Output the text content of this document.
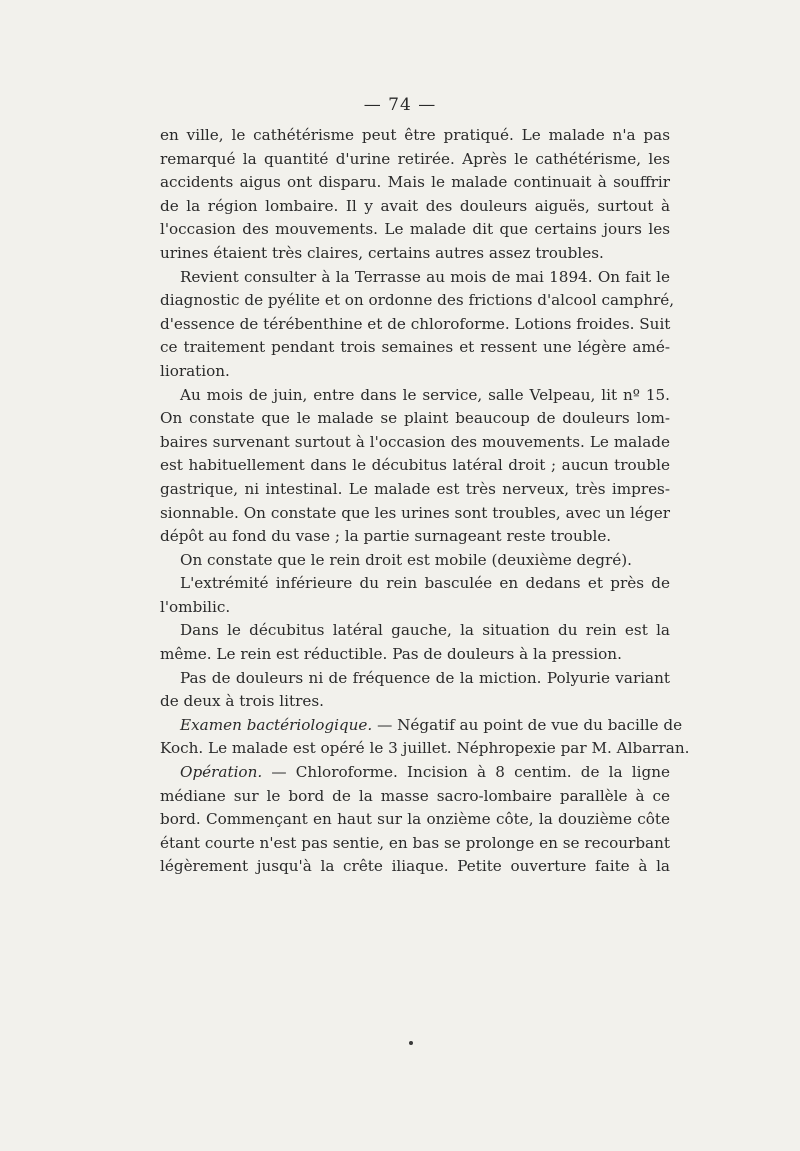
— 74 —
en ville, le cathétérisme peut être pratiqué. Le malade n'a pas
remarqué la quantité d'urine retirée. Après le cathétérisme, les
accidents aigus ont disparu. Mais le malade continuait à souffrir
de la région lombaire. Il y avait des douleurs aiguës, surtout à
l'occasion des mouvements. Le malade dit que certains jours les
urines étaient très claires, certains autres assez troubles.
Revient consulter à la Terrasse au mois de mai 1894. On fait le
diagnostic de pyélite et on ordonne des frictions d'alcool camphré,
d'essence de térébenthine et de chloroforme. Lotions froides. Suit
ce traitement pendant trois semaines et ressent une légère amé-
lioration.
Au mois de juin, entre dans le service, salle Velpeau, lit nº 15.
On constate que le malade se plaint beaucoup de douleurs lom-
baires survenant surtout à l'occasion des mouvements. Le malade
est habituellement dans le décubitus latéral droit ; aucun trouble
gastrique, ni intestinal. Le malade est très nerveux, très impres-
sionnable. On constate que les urines sont troubles, avec un léger
dépôt au fond du vase ; la partie surnageant reste trouble.
On constate que le rein droit est mobile (deuxième degré).
L'extrémité inférieure du rein basculée en dedans et près de
l'ombilic.
Dans le décubitus latéral gauche, la situation du rein est la
même. Le rein est réductible. Pas de douleurs à la pression.
Pas de douleurs ni de fréquence de la miction. Polyurie variant
de deux à trois litres.
Examen bactériologique. — Négatif au point de vue du bacille de
Koch. Le malade est opéré le 3 juillet. Néphropexie par M. Albarran.
Opération. — Chloroforme. Incision à 8 centim. de la ligne
médiane sur le bord de la masse sacro-lombaire parallèle à ce
bord. Commençant en haut sur la onzième côte, la douzième côte
étant courte n'est pas sentie, en bas se prolonge en se recourbant
légèrement jusqu'à la crête iliaque. Petite ouverture faite à la
